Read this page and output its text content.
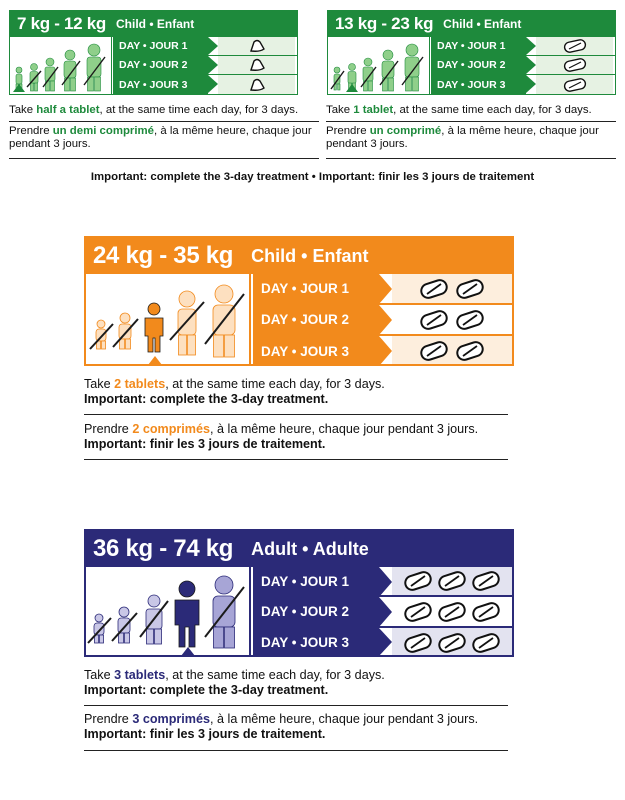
7 kg - 12 kg Child • Enfant
DAY • JOUR 1
DAY • JOUR 2
DAY • JOUR 3
Take half a tablet, at the same time each day, for 3 days.
Prendre un demi comprimé, à la même heure, chaque jour pendant 3 jours.
13 kg - 23 kg Child • Enfant
DAY • JOUR 1
DAY • JOUR 2
DAY • JOUR 3
Take 1 tablet, at the same time each day, for 3 days.
Prendre un comprimé, à la même heure, chaque jour pendant 3 jours.
Important: complete the 3-day treatment • Important: finir les 3 jours de traitement
24 kg - 35 kg Child • Enfant
DAY • JOUR 1
DAY • JOUR 2
DAY • JOUR 3
Take 2 tablets, at the same time each day, for 3 days.
Important: complete the 3-day treatment.
Prendre 2 comprimés, à la même heure, chaque jour pendant 3 jours.
Important: finir les 3 jours de traitement.
36 kg - 74 kg Adult • Adulte
DAY • JOUR 1
DAY • JOUR 2
DAY • JOUR 3
Take 3 tablets, at the same time each day, for 3 days.
Important: complete the 3-day treatment.
Prendre 3 comprimés, à la même heure, chaque jour pendant 3 jours.
Important: finir les 3 jours de traitement.
